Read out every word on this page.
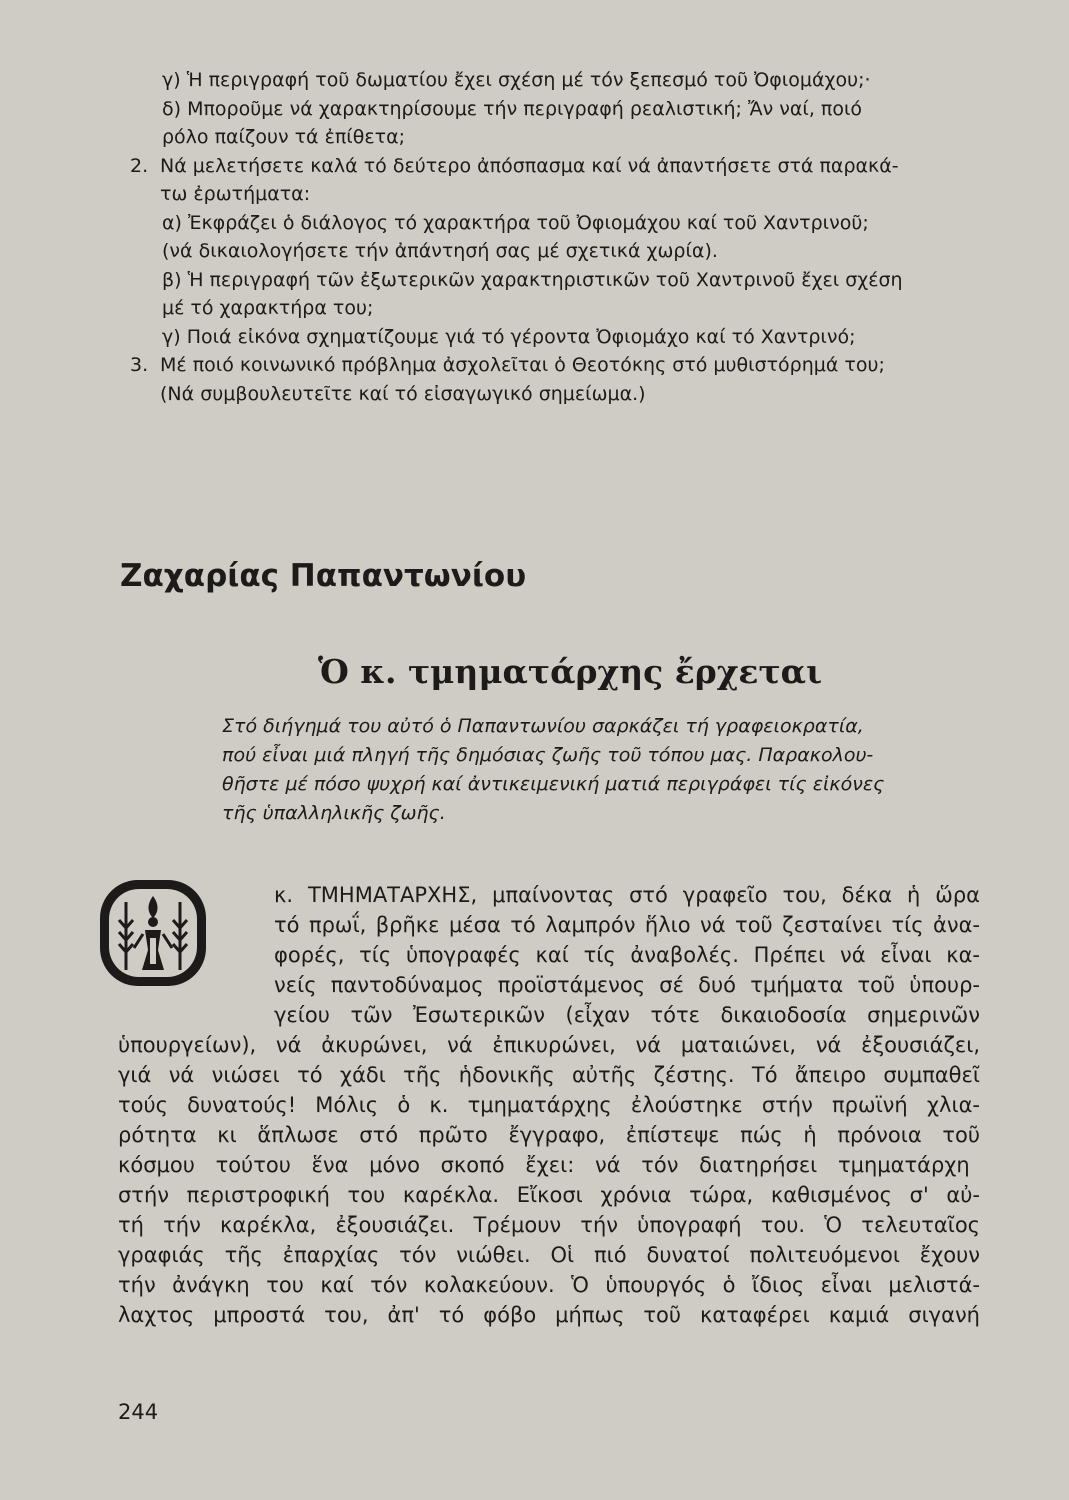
γ) Ἡ περιγραφή τοῦ δωματίου ἔχει σχέση μέ τόν ξεπεσμό τοῦ Ὀφιομάχου;·

δ) Μποροῦμε νά χαρακτηρίσουμε τήν περιγραφή ρεαλιστική; Ἄν ναί, ποιό

ρόλο παίζουν τά ἐπίθετα;

2. Νά μελετήσετε καλά τό δεύτερο ἀπόσπασμα καί νά ἀπαντήσετε στά παρακά-

τω ἐρωτήματα:

α) Ἐκφράζει ὁ διάλογος τό χαρακτήρα τοῦ Ὀφιομάχου καί τοῦ Χαντρινοῦ;

(νά δικαιολογήσετε τήν ἀπάντησή σας μέ σχετικά χωρία).

β) Ἡ περιγραφή τῶν ἐξωτερικῶν χαρακτηριστικῶν τοῦ Χαντρινοῦ ἔχει σχέση

μέ τό χαρακτήρα του;

γ) Ποιά εἰκόνα σχηματίζουμε γιά τό γέροντα Ὀφιομάχο καί τό Χαντρινό;

3. Μέ ποιό κοινωνικό πρόβλημα ἀσχολεῖται ὁ Θεοτόκης στό μυθιστόρημά του;

(Νά συμβουλευτεῖτε καί τό εἰσαγωγικό σημείωμα.)

Ζαχαρίας Παπαντωνίου
Ὁ κ. τμηματάρχης ἔρχεται

Στό διήγημά του αὐτό ὁ Παπαντωνίου σαρκάζει τή γραφειοκρατία,

πού εἶναι μιά πληγή τῆς δημόσιας ζωῆς τοῦ τόπου μας. Παρακολου-

θῆστε μέ πόσο ψυχρή καί ἀντικειμενική ματιά περιγράφει τίς εἰκόνες

τῆς ὑπαλληλικῆς ζωῆς.

κ. ΤΜΗΜΑΤΑΡΧΗΣ, μπαίνοντας στό γραφεῖο του, δέκα ἡ ὥρα
τό πρωΐ, βρῆκε μέσα τό λαμπρόν ἥλιο νά τοῦ ζεσταίνει τίς ἀνα-
φορές, τίς ὑπογραφές καί τίς ἀναβολές. Πρέπει νά εἶναι κα-
νείς παντοδύναμος προϊστάμενος σέ δυό τμήματα τοῦ ὑπουρ-
γείου τῶν Ἐσωτερικῶν (εἶχαν τότε δικαιοδοσία σημερινῶν
ὑπουργείων), νά ἀκυρώνει, νά ἐπικυρώνει, νά ματαιώνει, νά ἐξουσιάζει,
γιά νά νιώσει τό χάδι τῆς ἡδονικῆς αὐτῆς ζέστης. Τό ἄπειρο συμπαθεῖ
τούς δυνατούς! Μόλις ὁ κ. τμηματάρχης ἐλούστηκε στήν πρωϊνή χλια-
ρότητα κι ἅπλωσε στό πρῶτο ἔγγραφο, ἐπίστεψε πώς ἡ πρόνοια τοῦ
κόσμου τούτου ἕνα μόνο σκοπό ἔχει: νά τόν διατηρήσει τμηματάρχη
στήν περιστροφική του καρέκλα. Εἴκοσι χρόνια τώρα, καθισμένος σ' αὐ-
τή τήν καρέκλα, ἐξουσιάζει. Τρέμουν τήν ὑπογραφή του. Ὁ τελευταῖος
γραφιάς τῆς ἐπαρχίας τόν νιώθει. Οἱ πιό δυνατοί πολιτευόμενοι ἔχουν
τήν ἀνάγκη του καί τόν κολακεύουν. Ὁ ὑπουργός ὁ ἴδιος εἶναι μελιστά-
λαχτος μπροστά του, ἀπ' τό φόβο μήπως τοῦ καταφέρει καμιά σιγανή

244
